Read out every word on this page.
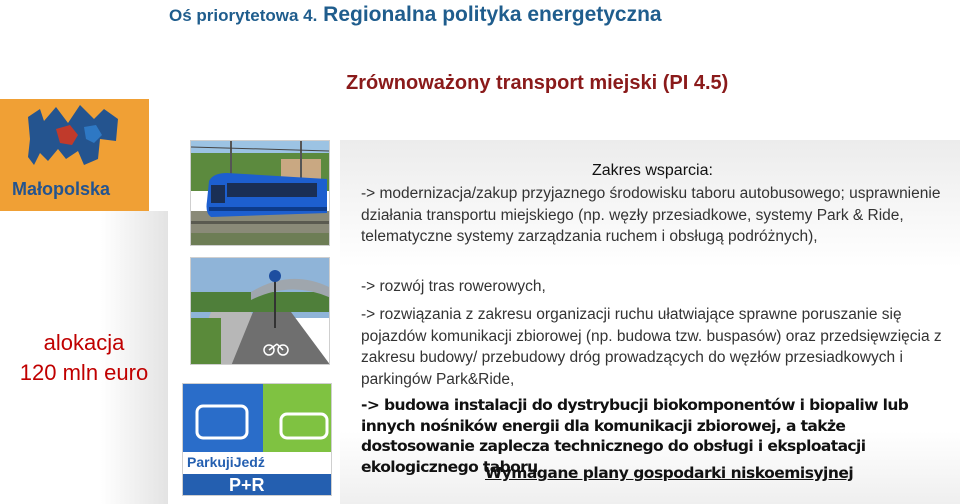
Oś priorytetowa 4. Regionalna polityka energetyczna
Zrównoważony transport miejski (PI 4.5)
Małopolska
alokacja
120 mln euro
ParkujiJedź
P+R
Zakres wsparcia:
-> modernizacja/zakup przyjaznego środowisku taboru autobusowego; usprawnienie działania transportu miejskiego (np. węzły przesiadkowe, systemy Park & Ride, telematyczne systemy zarządzania ruchem i obsługą podróżnych),
-> rozwój tras rowerowych,
-> rozwiązania z zakresu organizacji ruchu ułatwiające sprawne poruszanie się pojazdów komunikacji zbiorowej (np. budowa tzw. buspasów) oraz przedsięwzięcia z zakresu budowy/ przebudowy dróg prowadzących do węzłów przesiadkowych i parkingów Park&Ride,
-> budowa instalacji do dystrybucji biokomponentów i biopaliw lub innych nośników energii dla komunikacji zbiorowej, a także dostosowanie zaplecza technicznego do obsługi i eksploatacji ekologicznego taboru
Wymagane plany gospodarki niskoemisyjnej
